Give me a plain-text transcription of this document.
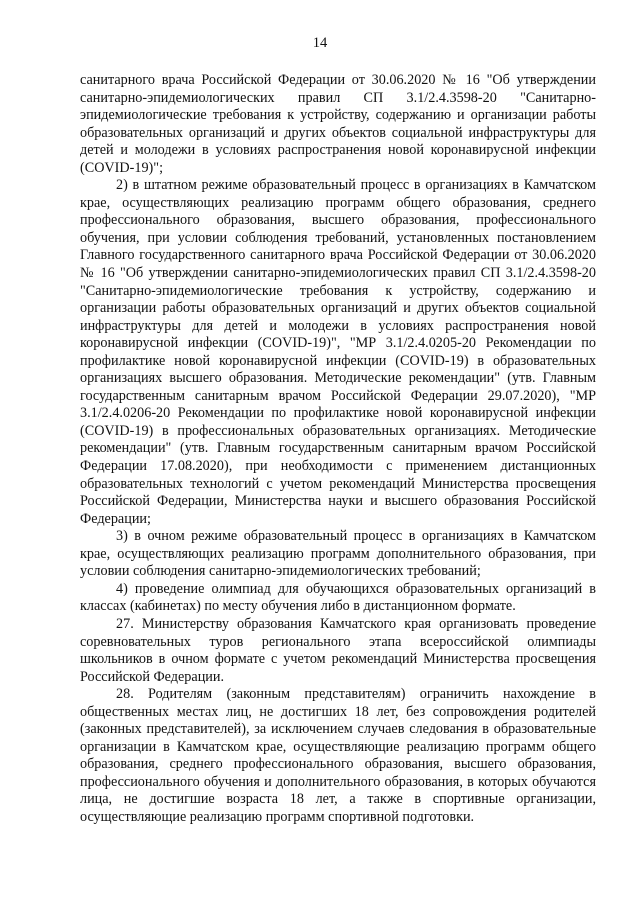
14

санитарного врача Российской Федерации от 30.06.2020 № 16 "Об утверждении санитарно-эпидемиологических правил СП 3.1/2.4.3598-20 "Санитарно-эпидемиологические требования к устройству, содержанию и организации работы образовательных организаций и других объектов социальной инфраструктуры для детей и молодежи в условиях распространения новой коронавирусной инфекции (COVID-19)";

2) в штатном режиме образовательный процесс в организациях в Камчатском крае, осуществляющих реализацию программ общего образования, среднего профессионального образования, высшего образования, профессионального обучения, при условии соблюдения требований, установленных постановлением Главного государственного санитарного врача Российской Федерации от 30.06.2020 № 16 "Об утверждении санитарно-эпидемиологических правил СП 3.1/2.4.3598-20 "Санитарно-эпидемиологические требования к устройству, содержанию и организации работы образовательных организаций и других объектов социальной инфраструктуры для детей и молодежи в условиях распространения новой коронавирусной инфекции (COVID-19)", "МР 3.1/2.4.0205-20 Рекомендации по профилактике новой коронавирусной инфекции (COVID-19) в образовательных организациях высшего образования. Методические рекомендации" (утв. Главным государственным санитарным врачом Российской Федерации 29.07.2020), "МР 3.1/2.4.0206-20 Рекомендации по профилактике новой коронавирусной инфекции (COVID-19) в профессиональных образовательных организациях. Методические рекомендации" (утв. Главным государственным санитарным врачом Российской Федерации 17.08.2020), при необходимости с применением дистанционных образовательных технологий с учетом рекомендаций Министерства просвещения Российской Федерации, Министерства науки и высшего образования Российской Федерации;

3) в очном режиме образовательный процесс в организациях в Камчатском крае, осуществляющих реализацию программ дополнительного образования, при условии соблюдения санитарно-эпидемиологических требований;

4) проведение олимпиад для обучающихся образовательных организаций в классах (кабинетах) по месту обучения либо в дистанционном формате.

27. Министерству образования Камчатского края организовать проведение соревновательных туров регионального этапа всероссийской олимпиады школьников в очном формате с учетом рекомендаций Министерства просвещения Российской Федерации.

28. Родителям (законным представителям) ограничить нахождение в общественных местах лиц, не достигших 18 лет, без сопровождения родителей (законных представителей), за исключением случаев следования в образовательные организации в Камчатском крае, осуществляющие реализацию программ общего образования, среднего профессионального образования, высшего образования, профессионального обучения и дополнительного образования, в которых обучаются лица, не достигшие возраста 18 лет, а также в спортивные организации, осуществляющие реализацию программ спортивной подготовки.
